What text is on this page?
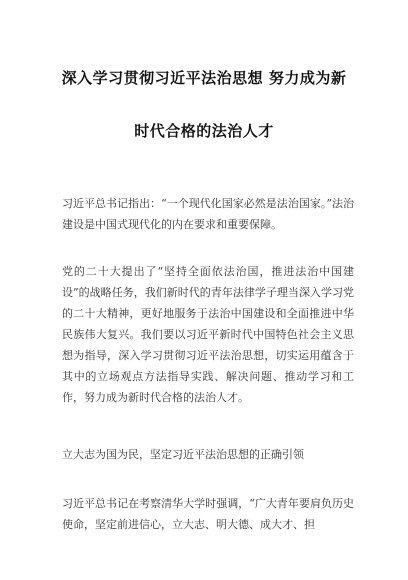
深入学习贯彻习近平法治思想 努力成为新
时代合格的法治人才

习近平总书记指出：“一个现代化国家必然是法治国家。”法治建设是中国式现代化的内在要求和重要保障。

党的二十大提出了“坚持全面依法治国，推进法治中国建设”的战略任务，我们新时代的青年法律学子理当深入学习党的二十大精神，更好地服务于法治中国建设和全面推进中华民族伟大复兴。我们要以习近平新时代中国特色社会主义思想为指导，深入学习贯彻习近平法治思想，切实运用蕴含于其中的立场观点方法指导实践、解决问题、推动学习和工作，努力成为新时代合格的法治人才。

立大志为国为民，坚定习近平法治思想的正确引领

习近平总书记在考察清华大学时强调，“广大青年要肩负历史使命，坚定前进信心，立大志、明大德、成大才、担
